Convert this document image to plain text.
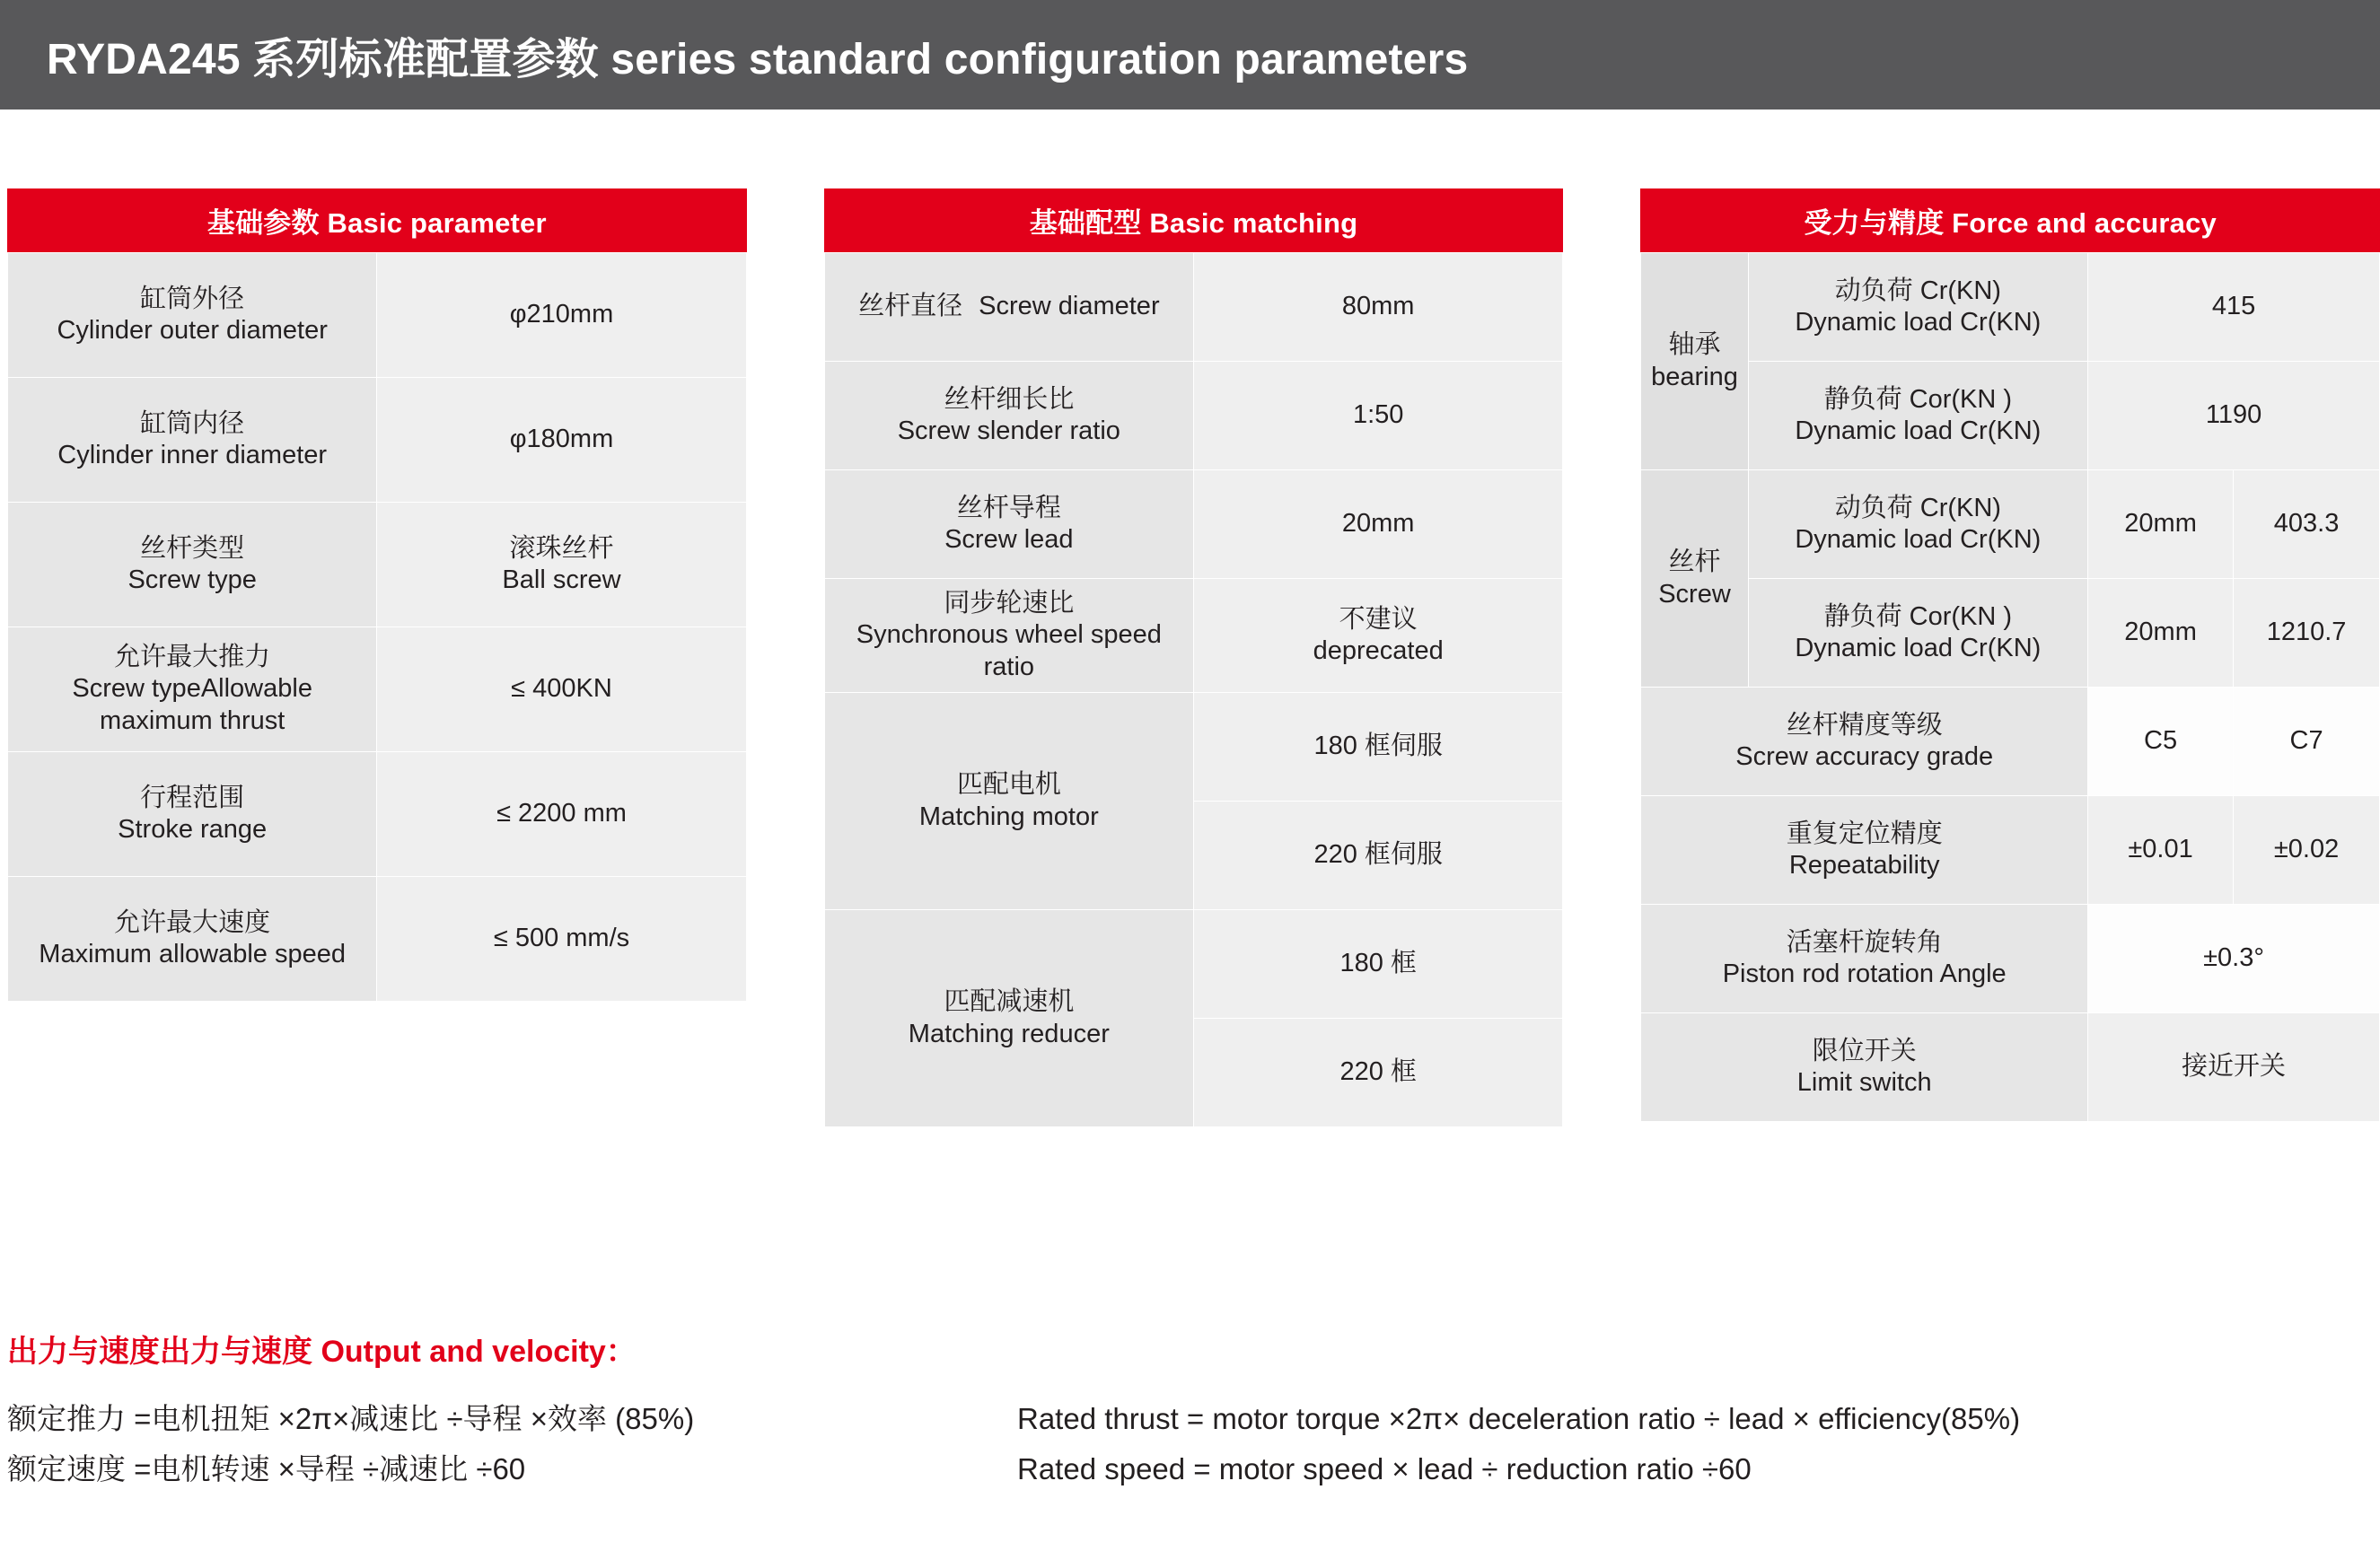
RYDA245 系列标准配置参数 series standard configuration parameters
基础参数 Basic parameter
缸筒外径
Cylinder outer diameter	φ210mm

缸筒内径
Cylinder inner diameter	φ180mm

丝杆类型
Screw type	滚珠丝杆
Ball screw

允许最大推力
Screw typeAllowable maximum thrust	≤ 400KN

行程范围
Stroke range	≤ 2200 mm

允许最大速度
Maximum allowable speed	≤ 500 mm/s
基础配型 Basic matching
丝杆直径 Screw diameter	80mm

丝杆细长比
Screw slender ratio	1:50

丝杆导程
Screw lead	20mm

同步轮速比
Synchronous wheel speed ratio	不建议
deprecated

匹配电机
Matching motor	180 框伺服
	220 框伺服

匹配减速机
Matching reducer	180 框
	220 框
受力与精度 Force and accuracy
轴承
bearing	动负荷 Cr(KN)
Dynamic load Cr(KN)	415	

	静负荷 Cor(KN )
Dynamic load Cr(KN)	1190	

丝杆
Screw	动负荷 Cr(KN)
Dynamic load Cr(KN)	20mm	403.3

	静负荷 Cor(KN )
Dynamic load Cr(KN)	20mm	1210.7

丝杆精度等级
Screw accuracy grade		C5	C7

重复定位精度
Repeatability		±0.01	±0.02

活塞杆旋转角
Piston rod rotation Angle		±0.3°	

限位开关
Limit switch		接近开关	
出力与速度出力与速度 Output and velocity：
额定推力 =电机扭矩 ×2π×减速比 ÷导程 ×效率 (85%)
额定速度 =电机转速 ×导程 ÷减速比 ÷60
Rated thrust = motor torque ×2π× deceleration ratio ÷ lead × efficiency(85%)
Rated speed = motor speed × lead ÷ reduction ratio ÷60
